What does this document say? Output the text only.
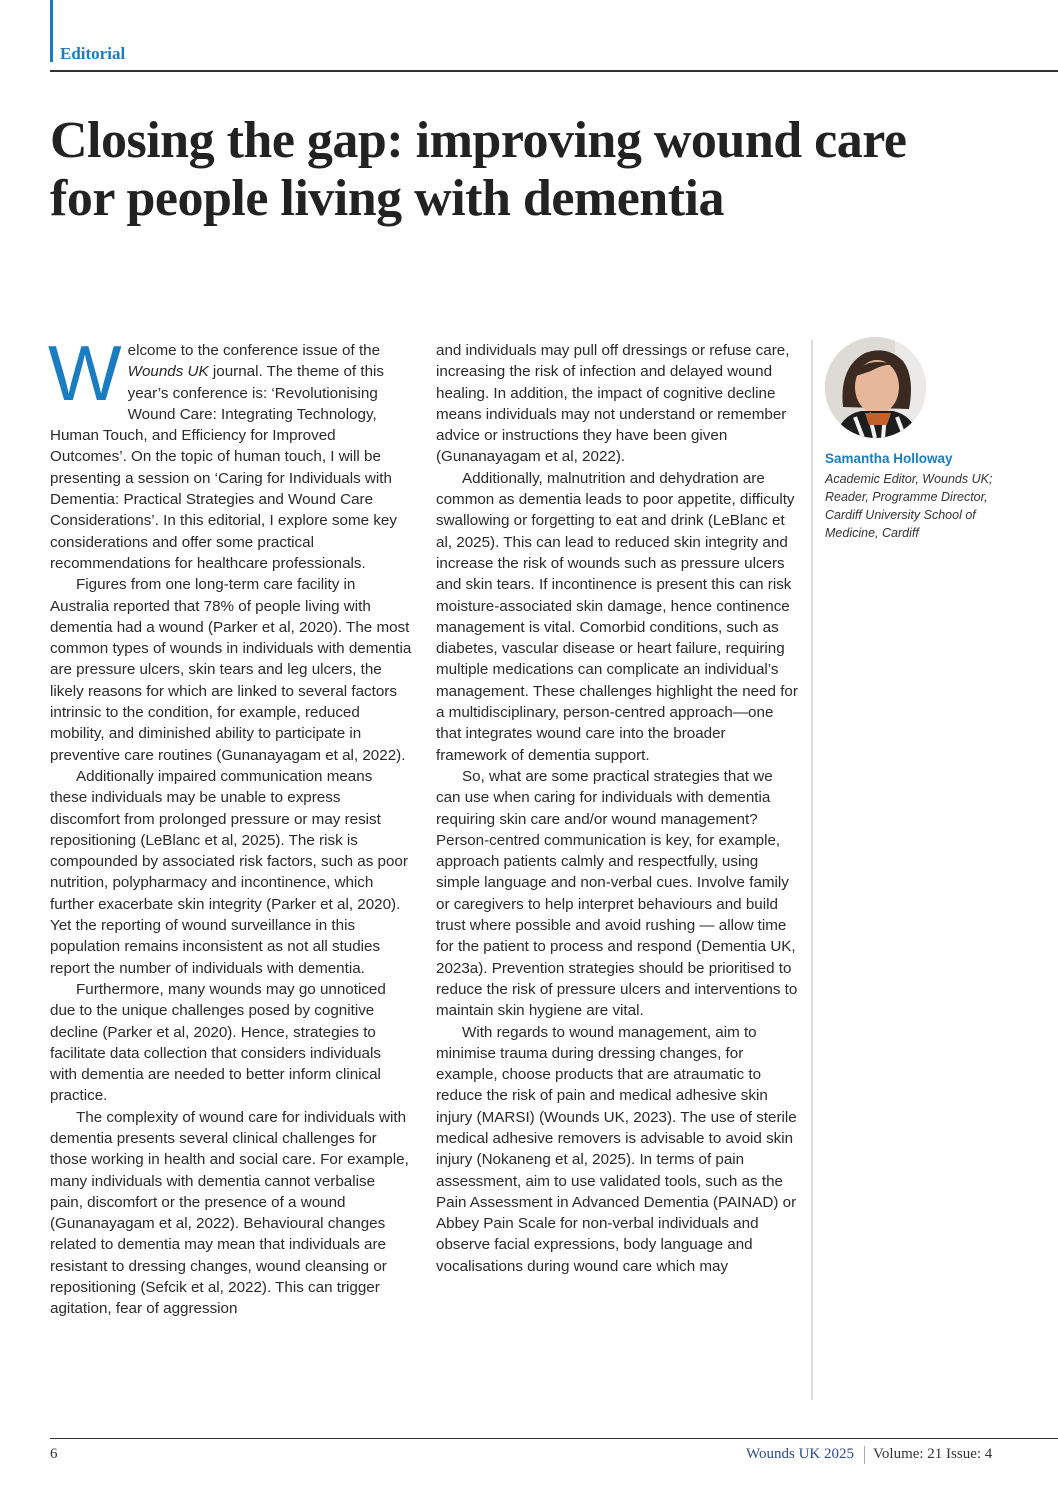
Editorial
Closing the gap: improving wound care for people living with dementia

Welcome to the conference issue of the Wounds UK journal. The theme of this year’s conference is: ‘Revolutionising Wound Care: Integrating Technology, Human Touch, and Efficiency for Improved Outcomes’. On the topic of human touch, I will be presenting a session on ‘Caring for Individuals with Dementia: Practical Strategies and Wound Care Considerations’. In this editorial, I explore some key considerations and offer some practical recommendations for healthcare professionals.

Figures from one long-term care facility in Australia reported that 78% of people living with dementia had a wound (Parker et al, 2020). The most common types of wounds in individuals with dementia are pressure ulcers, skin tears and leg ulcers, the likely reasons for which are linked to several factors intrinsic to the condition, for example, reduced mobility, and diminished ability to participate in preventive care routines (Gunanayagam et al, 2022).

Additionally impaired communication means these individuals may be unable to express discomfort from prolonged pressure or may resist repositioning (LeBlanc et al, 2025). The risk is compounded by associated risk factors, such as poor nutrition, polypharmacy and incontinence, which further exacerbate skin integrity (Parker et al, 2020). Yet the reporting of wound surveillance in this population remains inconsistent as not all studies report the number of individuals with dementia.

Furthermore, many wounds may go unnoticed due to the unique challenges posed by cognitive decline (Parker et al, 2020). Hence, strategies to facilitate data collection that considers individuals with dementia are needed to better inform clinical practice.

The complexity of wound care for individuals with dementia presents several clinical challenges for those working in health and social care. For example, many individuals with dementia cannot verbalise pain, discomfort or the presence of a wound (Gunanayagam et al, 2022). Behavioural changes related to dementia may mean that individuals are resistant to dressing changes, wound cleansing or repositioning (Sefcik et al, 2022). This can trigger agitation, fear of aggression

and individuals may pull off dressings or refuse care, increasing the risk of infection and delayed wound healing. In addition, the impact of cognitive decline means individuals may not understand or remember advice or instructions they have been given (Gunanayagam et al, 2022).

Additionally, malnutrition and dehydration are common as dementia leads to poor appetite, difficulty swallowing or forgetting to eat and drink (LeBlanc et al, 2025). This can lead to reduced skin integrity and increase the risk of wounds such as pressure ulcers and skin tears. If incontinence is present this can risk moisture-associated skin damage, hence continence management is vital. Comorbid conditions, such as diabetes, vascular disease or heart failure, requiring multiple medications can complicate an individual’s management. These challenges highlight the need for a multidisciplinary, person-centred approach—one that integrates wound care into the broader framework of dementia support.

So, what are some practical strategies that we can use when caring for individuals with dementia requiring skin care and/or wound management? Person-centred communication is key, for example, approach patients calmly and respectfully, using simple language and non-verbal cues. Involve family or caregivers to help interpret behaviours and build trust where possible and avoid rushing — allow time for the patient to process and respond (Dementia UK, 2023a). Prevention strategies should be prioritised to reduce the risk of pressure ulcers and interventions to maintain skin hygiene are vital.

With regards to wound management, aim to minimise trauma during dressing changes, for example, choose products that are atraumatic to reduce the risk of pain and medical adhesive skin injury (MARSI) (Wounds UK, 2023). The use of sterile medical adhesive removers is advisable to avoid skin injury (Nokaneng et al, 2025). In terms of pain assessment, aim to use validated tools, such as the Pain Assessment in Advanced Dementia (PAINAD) or Abbey Pain Scale for non-verbal individuals and observe facial expressions, body language and vocalisations during wound care which may

Samantha Holloway
Academic Editor, Wounds UK; Reader, Programme Director, Cardiff University School of Medicine, Cardiff
6	Wounds UK 2025 Volume: 21 Issue: 4
